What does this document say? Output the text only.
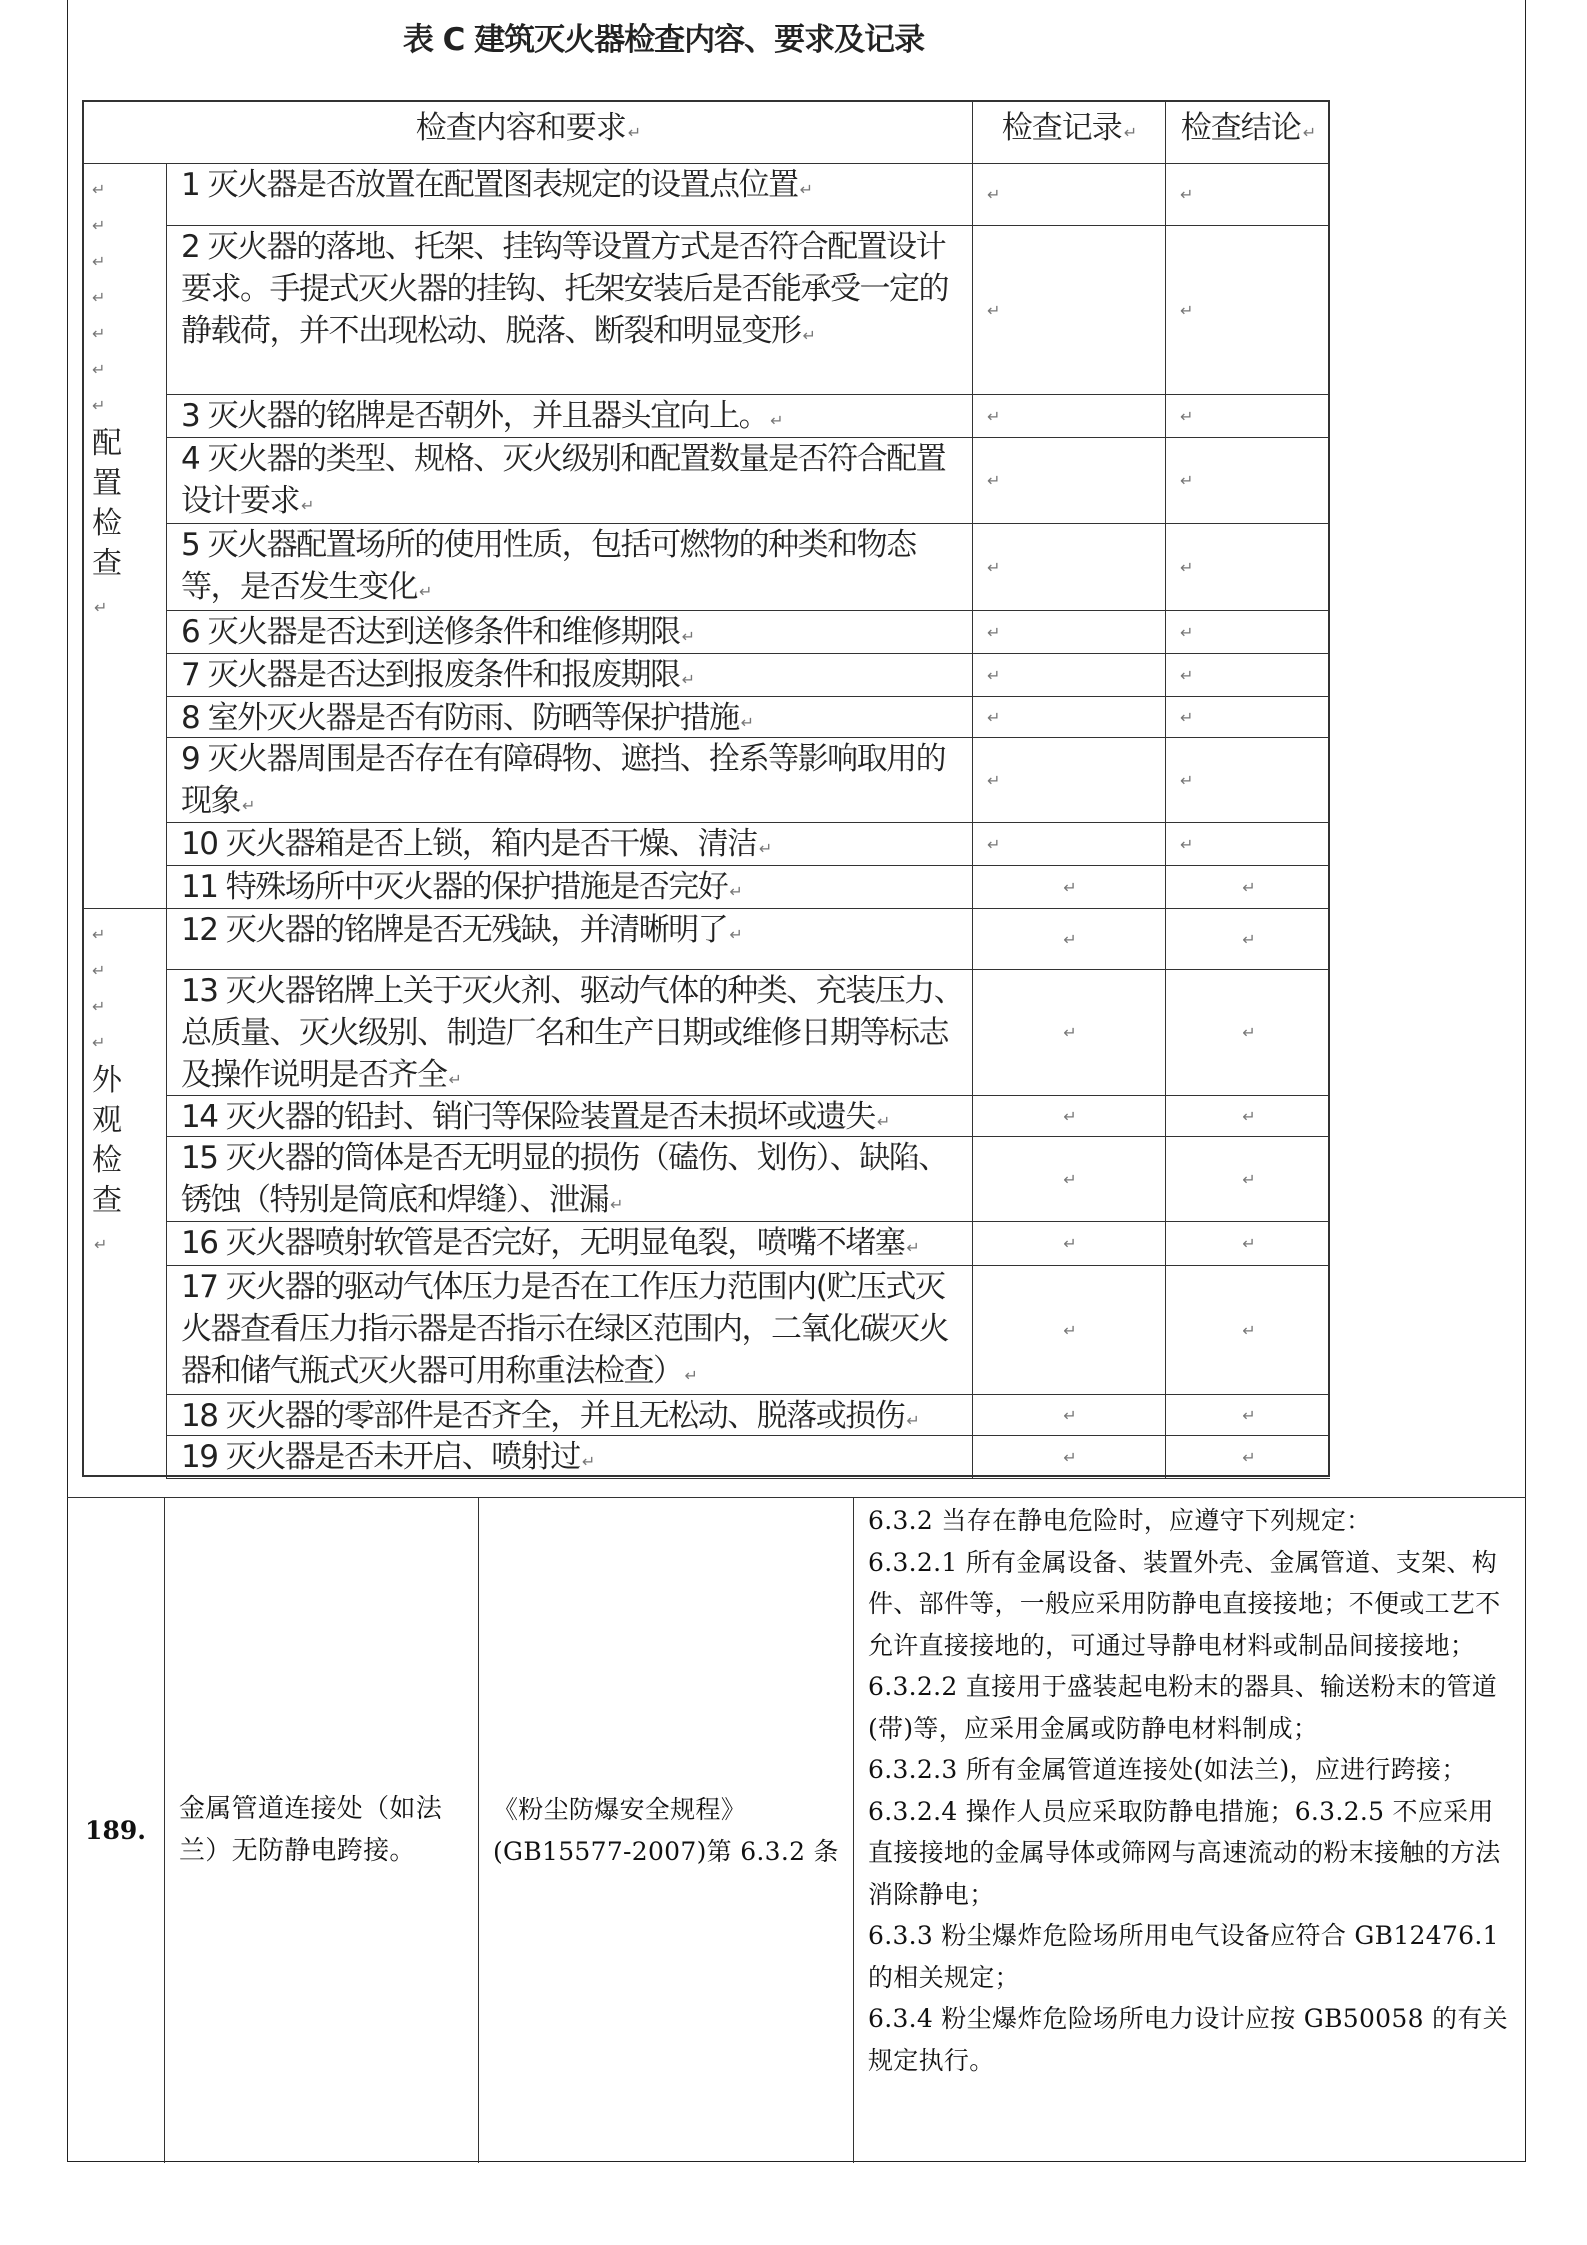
表 C 建筑灭火器检查内容、要求及记录
检查内容和要求 ↵	检查记录 ↵	检查结论 ↵
1 灭火器是否放置在配置图表规定的设置点位置 ↵
↵
↵
2 灭火器的落地、托架、挂钩等设置方式是否符合配置设计要求。手提式灭火器的挂钩、托架安装后是否能承受一定的静载荷，并不出现松动、脱落、断裂和明显变形 ↵
↵
↵
3 灭火器的铭牌是否朝外，并且器头宜向上。 ↵
↵
↵
4 灭火器的类型、规格、灭火级别和配置数量是否符合配置设计要求 ↵
↵
↵
5 灭火器配置场所的使用性质，包括可燃物的种类和物态等，是否发生变化 ↵
↵
↵
6 灭火器是否达到送修条件和维修期限 ↵
↵
↵
7 灭火器是否达到报废条件和报废期限 ↵
↵
↵
8 室外灭火器是否有防雨、防晒等保护措施 ↵
↵
↵
9 灭火器周围是否存在有障碍物、遮挡、拴系等影响取用的现象 ↵
↵
↵
10 灭火器箱是否上锁，箱内是否干燥、清洁 ↵
↵
↵
11 特殊场所中灭火器的保护措施是否完好 ↵
↵
↵
12 灭火器的铭牌是否无残缺，并清晰明了 ↵
↵
↵
13 灭火器铭牌上关于灭火剂、驱动气体的种类、充装压力、总质量、灭火级别、制造厂名和生产日期或维修日期等标志及操作说明是否齐全 ↵
↵
↵
14 灭火器的铅封、销闩等保险装置是否未损坏或遗失 ↵
↵
↵
15 灭火器的筒体是否无明显的损伤（磕伤、划伤）、缺陷、锈蚀（特别是筒底和焊缝）、泄漏 ↵
↵
↵
16 灭火器喷射软管是否完好，无明显龟裂，喷嘴不堵塞 ↵
↵
↵
17 灭火器的驱动气体压力是否在工作压力范围内(贮压式灭火器查看压力指示器是否指示在绿区范围内，二氧化碳灭火器和储气瓶式灭火器可用称重法检查） ↵
↵
↵
18 灭火器的零部件是否齐全，并且无松动、脱落或损伤 ↵
↵
↵
19 灭火器是否未开启、喷射过 ↵
↵
↵
↵
↵
↵
↵
↵
↵
↵
配置检查 ↵
↵
↵
↵
↵
外观检查 ↵
189.
金属管道连接处（如法兰）无防静电跨接。
《粉尘防爆安全规程》(GB15577-2007)第 6.3.2 条
6.3.2 当存在静电危险时，应遵守下列规定：
6.3.2.1 所有金属设备、装置外壳、金属管道、支架、构件、部件等，一般应采用防静电直接接地；不便或工艺不允许直接接地的，可通过导静电材料或制品间接接地；
6.3.2.2 直接用于盛装起电粉末的器具、输送粉末的管道(带)等，应采用金属或防静电材料制成；
6.3.2.3 所有金属管道连接处(如法兰)，应进行跨接；
6.3.2.4 操作人员应采取防静电措施；6.3.2.5 不应采用直接接地的金属导体或筛网与高速流动的粉末接触的方法消除静电；
6.3.3 粉尘爆炸危险场所用电气设备应符合 GB12476.1 的相关规定；
6.3.4 粉尘爆炸危险场所电力设计应按 GB50058 的有关规定执行。
